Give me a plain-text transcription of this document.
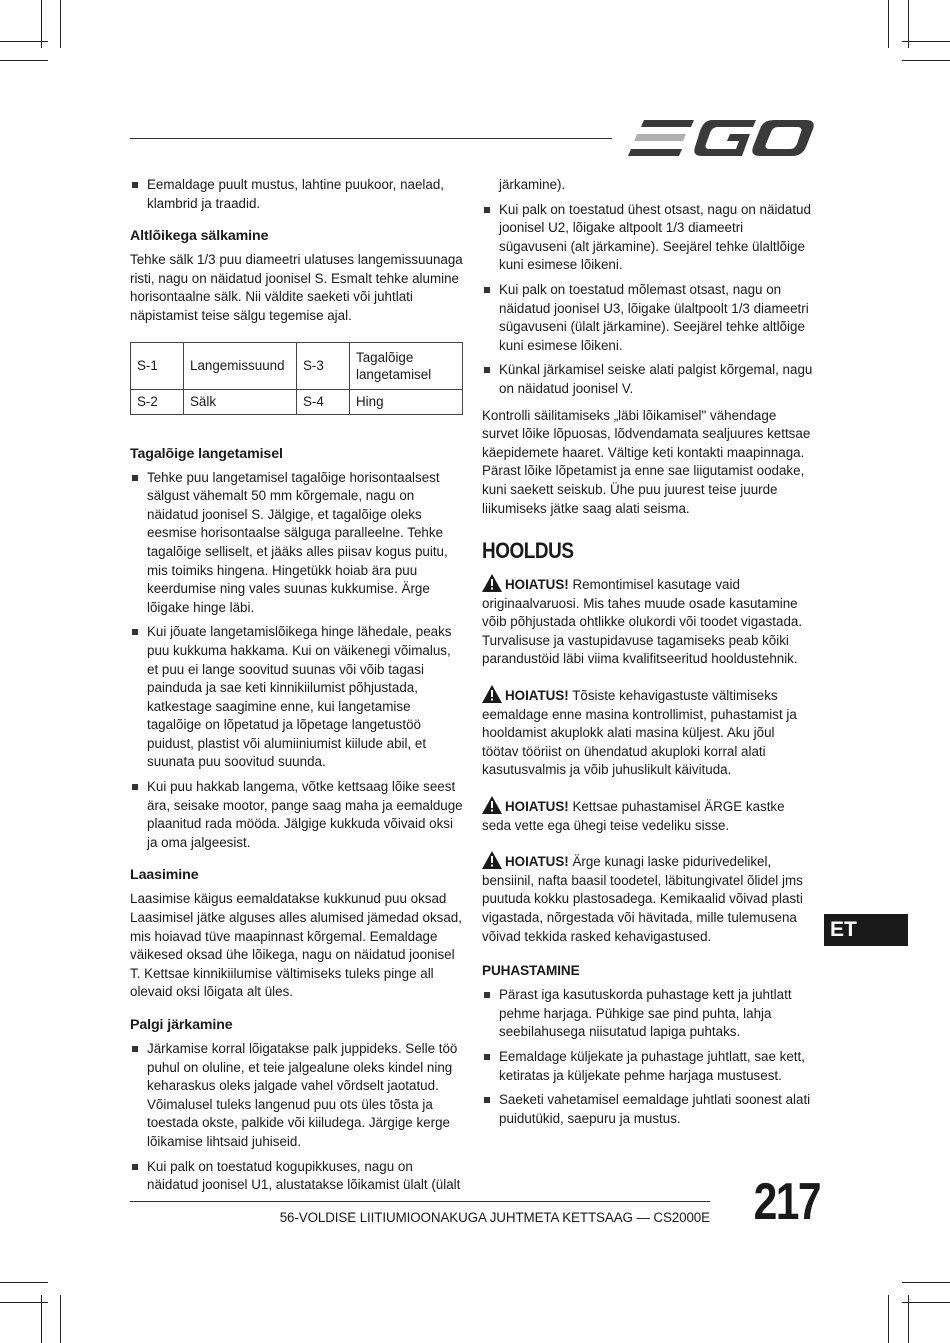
Eemaldage puult mustus, lahtine puukoor, naelad, klambrid ja traadid.
Altlõikega sälkamine

Tehke sälk 1/3 puu diameetri ulatuses langemissuunaga risti, nagu on näidatud joonisel S. Esmalt tehke alumine horisontaalne sälk. Nii väldite saeketi või juhtlati näpistamist teise sälgu tegemise ajal.

S-1	Langemissuund	S-3	Tagalõige langetamisel
S-2	Sälk	S-4	Hing
Tagalõige langetamisel
Tehke puu langetamisel tagalõige horisontaalsest sälgust vähemalt 50 mm kõrgemale, nagu on näidatud joonisel S. Jälgige, et tagalõige oleks eesmise horisontaalse sälguga paralleelne. Tehke tagalõige selliselt, et jääks alles piisav kogus puitu, mis toimiks hingena. Hingetükk hoiab ära puu keerdumise ning vales suunas kukkumise. Ärge lõigake hinge läbi.
Kui jõuate langetamislõikega hinge lähedale, peaks puu kukkuma hakkama. Kui on väikenegi võimalus, et puu ei lange soovitud suunas või võib tagasi painduda ja sae keti kinnikiilumist põhjustada, katkestage saagimine enne, kui langetamise tagalõige on lõpetatud ja lõpetage langetustöö puidust, plastist või alumiiniumist kiilude abil, et suunata puu soovitud suunda.
Kui puu hakkab langema, võtke kettsaag lõike seest ära, seisake mootor, pange saag maha ja eemalduge plaanitud rada mööda. Jälgige kukkuda võivaid oksi ja oma jalgeesist.
Laasimine

Laasimise käigus eemaldatakse kukkunud puu oksad Laasimisel jätke alguses alles alumised jämedad oksad, mis hoiavad tüve maapinnast kõrgemal. Eemaldage väikesed oksad ühe lõikega, nagu on näidatud joonisel T. Kettsae kinnikiilumise vältimiseks tuleks pinge all olevaid oksi lõigata alt üles.

Palgi järkamine
Järkamise korral lõigatakse palk juppideks. Selle töö puhul on oluline, et teie jalgealune oleks kindel ning keharaskus oleks jalgade vahel võrdselt jaotatud. Võimalusel tuleks langenud puu ots üles tõsta ja toestada okste, palkide või kiiludega. Järgige kerge lõikamise lihtsaid juhiseid.
Kui palk on toestatud kogupikkuses, nagu on näidatud joonisel U1, alustatakse lõikamist ülalt (ülalt

järkamine).

Kui palk on toestatud ühest otsast, nagu on näidatud joonisel U2, lõigake altpoolt 1/3 diameetri sügavuseni (alt järkamine). Seejärel tehke ülaltlõige kuni esimese lõikeni.
Kui palk on toestatud mõlemast otsast, nagu on näidatud joonisel U3, lõigake ülaltpoolt 1/3 diameetri sügavuseni (ülalt järkamine). Seejärel tehke altlõige kuni esimese lõikeni.
Künkal järkamisel seiske alati palgist kõrgemal, nagu on näidatud joonisel V.

Kontrolli säilitamiseks „läbi lõikamisel" vähendage survet lõike lõpuosas, lõdvendamata sealjuures kettsae käepidemete haaret. Vältige keti kontakti maapinnaga. Pärast lõike lõpetamist ja enne sae liigutamist oodake, kuni saekett seiskub. Ühe puu juurest teise juurde liikumiseks jätke saag alati seisma.

HOOLDUS

HOIATUS! Remontimisel kasutage vaid originaalvaruosi. Mis tahes muude osade kasutamine võib põhjustada ohtlikke olukordi või toodet vigastada. Turvalisuse ja vastupidavuse tagamiseks peab kõiki parandustöid läbi viima kvalifitseeritud hooldustehnik.

HOIATUS! Tõsiste kehavigastuste vältimiseks eemaldage enne masina kontrollimist, puhastamist ja hooldamist akuplokk alati masina küljest. Aku jõul töötav tööriist on ühendatud akuploki korral alati kasutusvalmis ja võib juhuslikult käivituda.

HOIATUS! Kettsae puhastamisel ÄRGE kastke seda vette ega ühegi teise vedeliku sisse.

HOIATUS! Ärge kunagi laske pidurivedelikel, bensiinil, nafta baasil toodetel, läbitungivatel õlidel jms puutuda kokku plastosadega. Kemikaalid võivad plasti vigastada, nõrgestada või hävitada, mille tulemusena võivad tekkida rasked kehavigastused.

PUHASTAMINE
Pärast iga kasutuskorda puhastage kett ja juhtlatt pehme harjaga. Pühkige sae pind puhta, lahja seebilahusega niisutatud lapiga puhtaks.
Eemaldage küljekate ja puhastage juhtlatt, sae kett, ketiratas ja küljekate pehme harjaga mustusest.
Saeketi vahetamisel eemaldage juhtlati soonest alati puidutükid, saepuru ja mustus.
ET
56-VOLDISE LIITIUMIOONAKUGA JUHTMETA KETTSAAG — CS2000E 217
